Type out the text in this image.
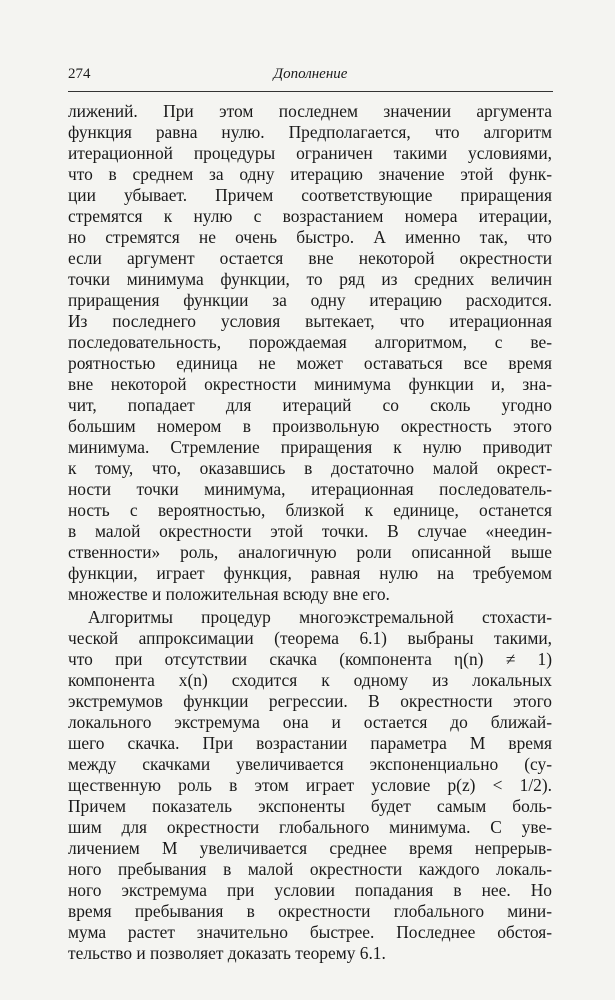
274	Дополнение
лижений. При этом последнем значении аргумента
функция равна нулю. Предполагается, что алгоритм
итерационной процедуры ограничен такими условиями,
что в среднем за одну итерацию значение этой функ-
ции убывает. Причем соответствующие приращения
стремятся к нулю с возрастанием номера итерации,
но стремятся не очень быстро. А именно так, что
если аргумент остается вне некоторой окрестности
точки минимума функции, то ряд из средних величин
приращения функции за одну итерацию расходится.
Из последнего условия вытекает, что итерационная
последовательность, порождаемая алгоритмом, с ве-
роятностью единица не может оставаться все время
вне некоторой окрестности минимума функции и, зна-
чит, попадает для итераций со сколь угодно
большим номером в произвольную окрестность этого
минимума. Стремление приращения к нулю приводит
к тому, что, оказавшись в достаточно малой окрест-
ности точки минимума, итерационная последователь-
ность с вероятностью, близкой к единице, останется
в малой окрестности этой точки. В случае «неедин-
ственности» роль, аналогичную роли описанной выше
функции, играет функция, равная нулю на требуемом
множестве и положительная всюду вне его.
Алгоритмы процедур многоэкстремальной стохасти-
ческой аппроксимации (теорема 6.1) выбраны такими,
что при отсутствии скачка (компонента η(n) ≠ 1)
компонента x(n) сходится к одному из локальных
экстремумов функции регрессии. В окрестности этого
локального экстремума она и остается до ближай-
шего скачка. При возрастании параметра M время
между скачками увеличивается экспоненциально (су-
щественную роль в этом играет условие p(z) < 1/2).
Причем показатель экспоненты будет самым боль-
шим для окрестности глобального минимума. С уве-
личением M увеличивается среднее время непрерыв-
ного пребывания в малой окрестности каждого локаль-
ного экстремума при условии попадания в нее. Но
время пребывания в окрестности глобального мини-
мума растет значительно быстрее. Последнее обстоя-
тельство и позволяет доказать теорему 6.1.
